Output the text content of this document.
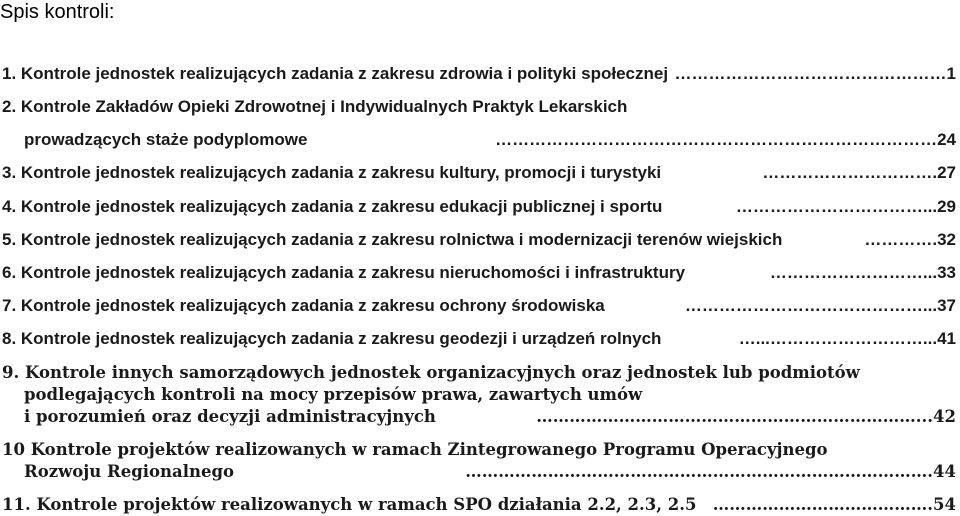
Spis kontroli:
1. Kontrole jednostek realizujących zadania z zakresu zdrowia i polityki społecznej …………………………………………1
2. Kontrole Zakładów Opieki Zdrowotnej i Indywidualnych Praktyk Lekarskich
prowadzących staże podyplomowe	……………………………………………………………………24
3. Kontrole jednostek realizujących zadania z zakresu kultury, promocji i turystyki	………………………….27
4. Kontrole jednostek realizujących zadania z zakresu edukacji publicznej i sportu	……………………………...29
5. Kontrole jednostek realizujących zadania z zakresu rolnictwa i modernizacji terenów wiejskich	………….32
6. Kontrole jednostek realizujących zadania z zakresu nieruchomości i infrastruktury	………………………...33
7. Kontrole jednostek realizujących zadania z zakresu ochrony środowiska	……………………………………...37
8. Kontrole jednostek realizujących zadania z zakresu geodezji i urządzeń rolnych	…...………………………...41
9. Kontrole innych samorządowych jednostek organizacyjnych oraz jednostek lub podmiotów
podlegających kontroli na mocy przepisów prawa, zawartych umów
i porozumień oraz decyzji administracyjnych	……………………………………………………………...42
10 Kontrole projektów realizowanych w ramach Zintegrowanego Programu Operacyjnego
Rozwoju Regionalnego	………………………………………………………………………….44
11. Kontrole projektów realizowanych w ramach SPO działania 2.2, 2.3, 2.5 ………………………………….54
